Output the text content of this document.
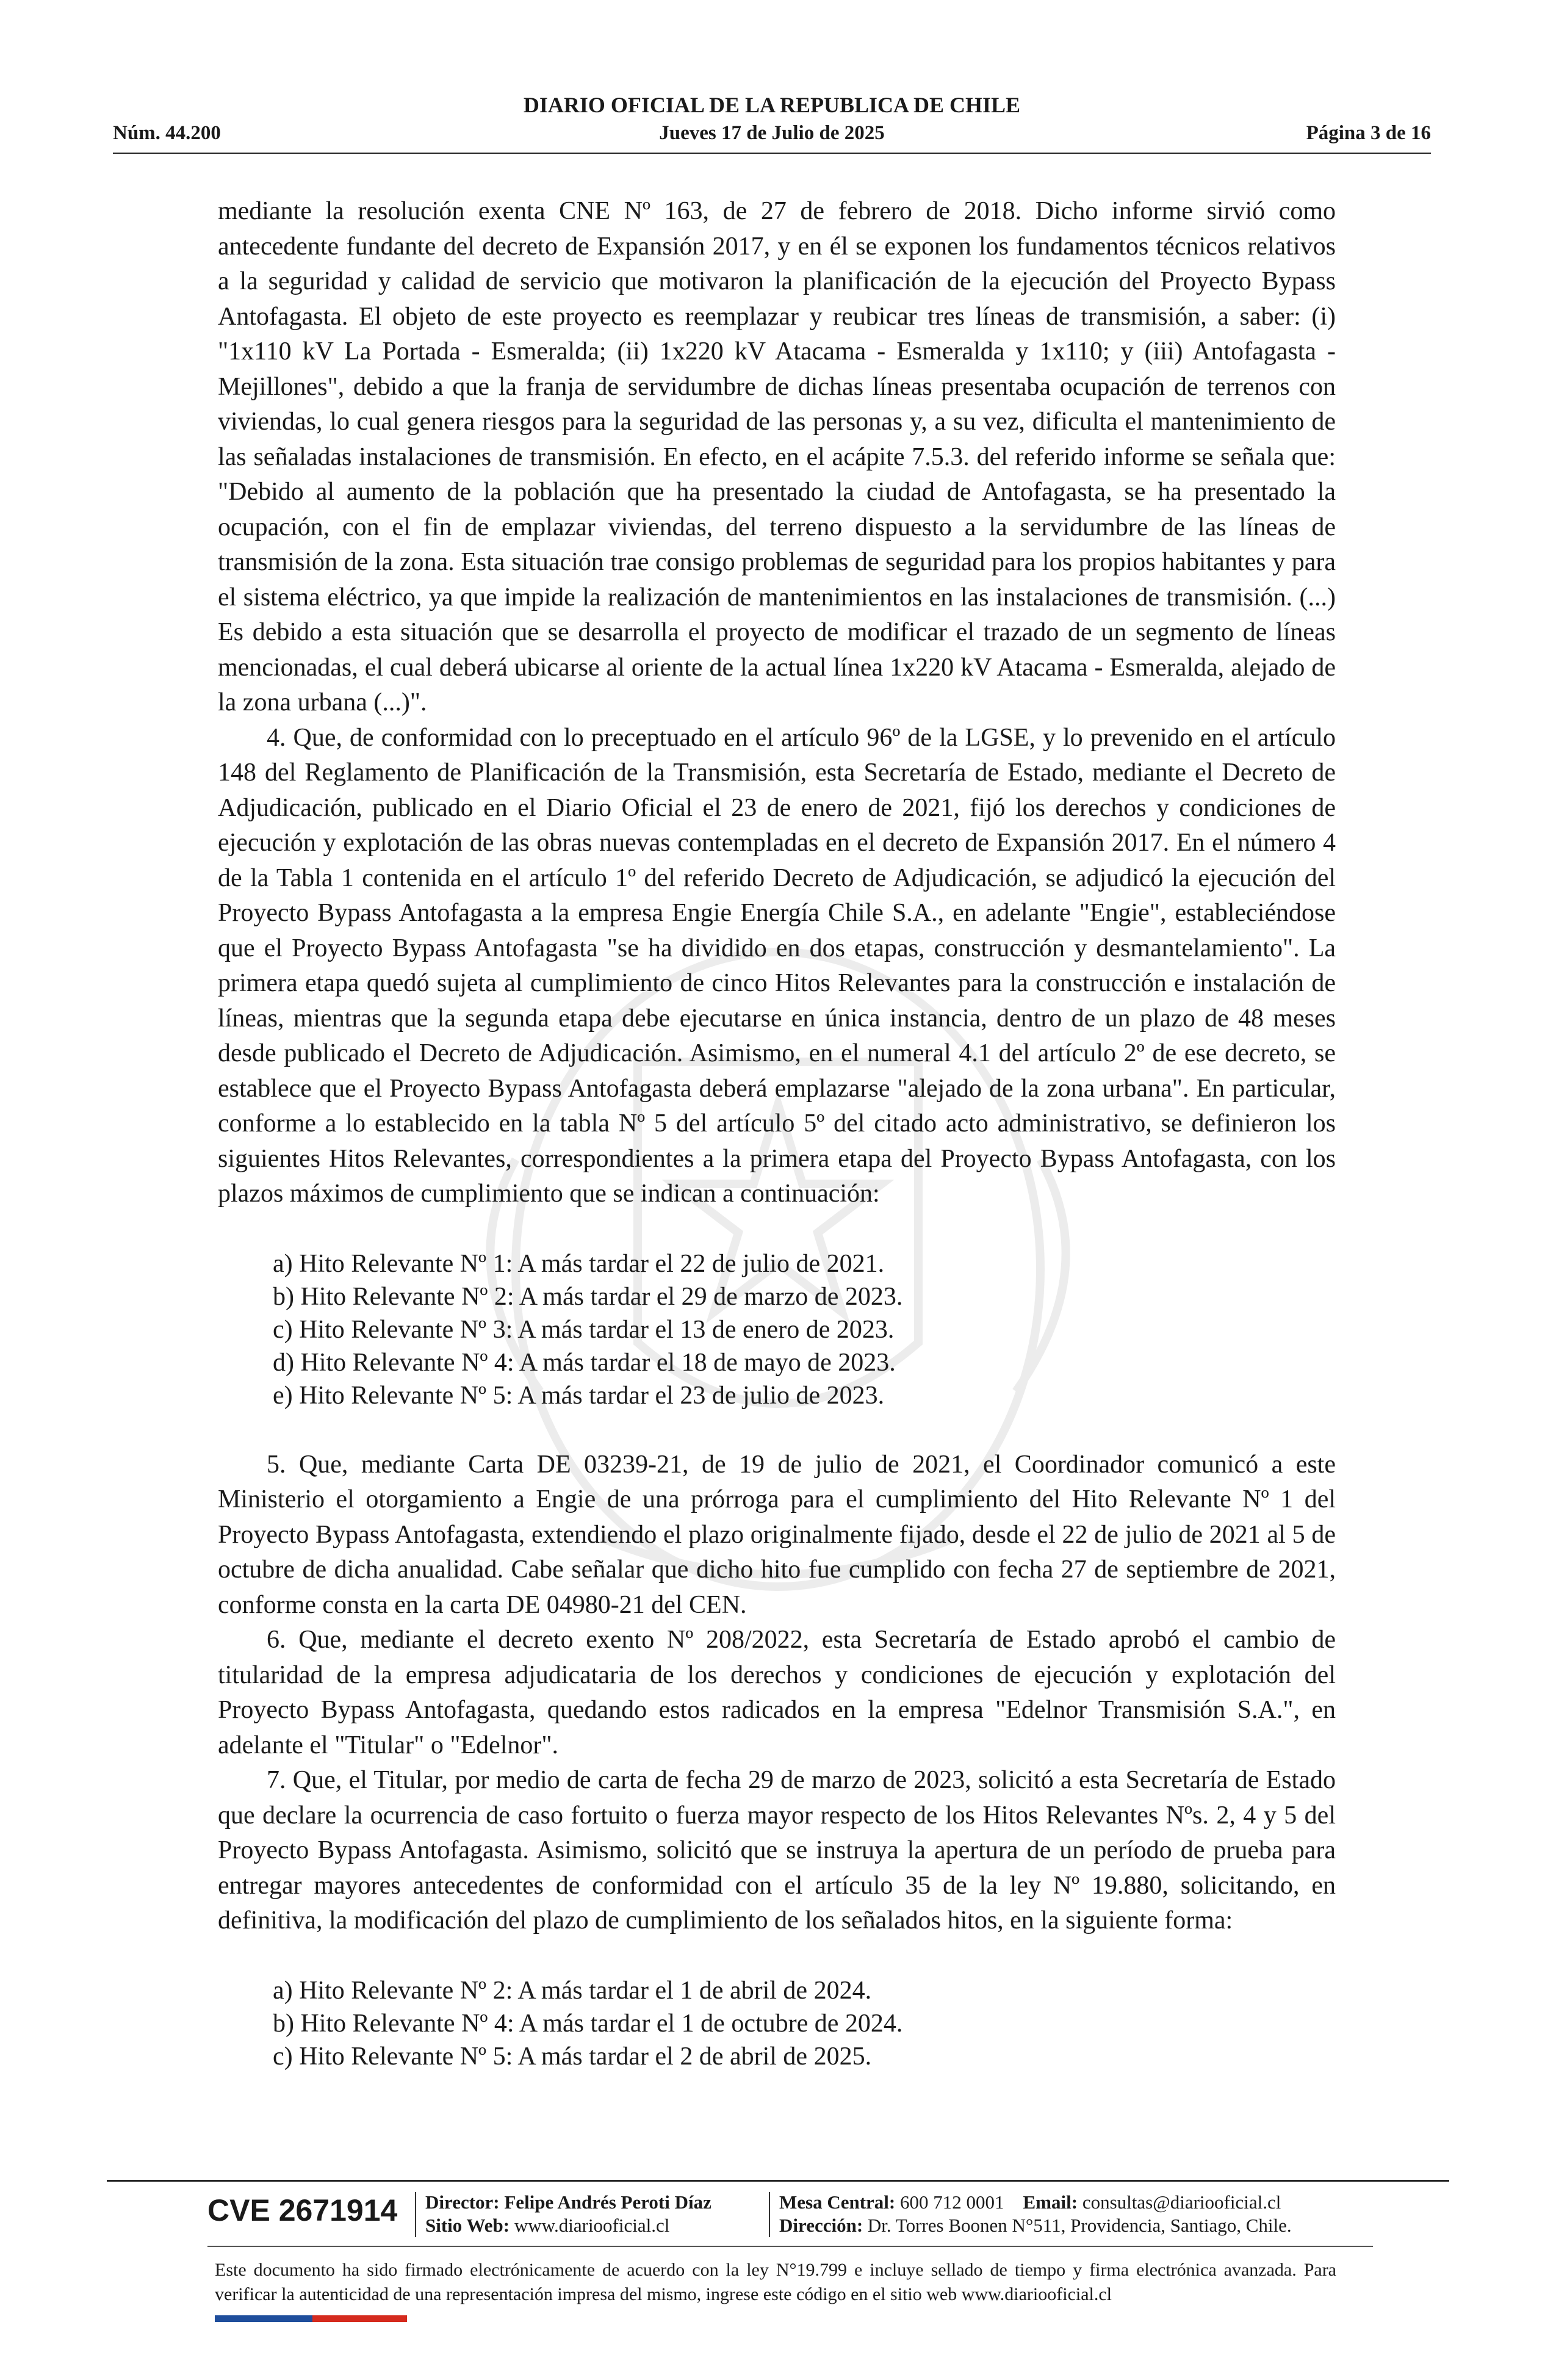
DIARIO OFICIAL DE LA REPUBLICA DE CHILE
Núm. 44.200	Jueves 17 de Julio de 2025	Página 3 de 16

mediante la resolución exenta CNE Nº 163, de 27 de febrero de 2018. Dicho informe sirvió como antecedente fundante del decreto de Expansión 2017, y en él se exponen los fundamentos técnicos relativos a la seguridad y calidad de servicio que motivaron la planificación de la ejecución del Proyecto Bypass Antofagasta. El objeto de este proyecto es reemplazar y reubicar tres líneas de transmisión, a saber: (i) "1x110 kV La Portada - Esmeralda; (ii) 1x220 kV Atacama - Esmeralda y 1x110; y (iii) Antofagasta - Mejillones", debido a que la franja de servidumbre de dichas líneas presentaba ocupación de terrenos con viviendas, lo cual genera riesgos para la seguridad de las personas y, a su vez, dificulta el mantenimiento de las señaladas instalaciones de transmisión. En efecto, en el acápite 7.5.3. del referido informe se señala que: "Debido al aumento de la población que ha presentado la ciudad de Antofagasta, se ha presentado la ocupación, con el fin de emplazar viviendas, del terreno dispuesto a la servidumbre de las líneas de transmisión de la zona. Esta situación trae consigo problemas de seguridad para los propios habitantes y para el sistema eléctrico, ya que impide la realización de mantenimientos en las instalaciones de transmisión. (...) Es debido a esta situación que se desarrolla el proyecto de modificar el trazado de un segmento de líneas mencionadas, el cual deberá ubicarse al oriente de la actual línea 1x220 kV Atacama - Esmeralda, alejado de la zona urbana (...)".

4. Que, de conformidad con lo preceptuado en el artículo 96º de la LGSE, y lo prevenido en el artículo 148 del Reglamento de Planificación de la Transmisión, esta Secretaría de Estado, mediante el Decreto de Adjudicación, publicado en el Diario Oficial el 23 de enero de 2021, fijó los derechos y condiciones de ejecución y explotación de las obras nuevas contempladas en el decreto de Expansión 2017. En el número 4 de la Tabla 1 contenida en el artículo 1º del referido Decreto de Adjudicación, se adjudicó la ejecución del Proyecto Bypass Antofagasta a la empresa Engie Energía Chile S.A., en adelante "Engie", estableciéndose que el Proyecto Bypass Antofagasta "se ha dividido en dos etapas, construcción y desmantelamiento". La primera etapa quedó sujeta al cumplimiento de cinco Hitos Relevantes para la construcción e instalación de líneas, mientras que la segunda etapa debe ejecutarse en única instancia, dentro de un plazo de 48 meses desde publicado el Decreto de Adjudicación. Asimismo, en el numeral 4.1 del artículo 2º de ese decreto, se establece que el Proyecto Bypass Antofagasta deberá emplazarse "alejado de la zona urbana". En particular, conforme a lo establecido en la tabla Nº 5 del artículo 5º del citado acto administrativo, se definieron los siguientes Hitos Relevantes, correspondientes a la primera etapa del Proyecto Bypass Antofagasta, con los plazos máximos de cumplimiento que se indican a continuación:

a) Hito Relevante Nº 1: A más tardar el 22 de julio de 2021.
b) Hito Relevante Nº 2: A más tardar el 29 de marzo de 2023.
c) Hito Relevante Nº 3: A más tardar el 13 de enero de 2023.
d) Hito Relevante Nº 4: A más tardar el 18 de mayo de 2023.
e) Hito Relevante Nº 5: A más tardar el 23 de julio de 2023.

5. Que, mediante Carta DE 03239-21, de 19 de julio de 2021, el Coordinador comunicó a este Ministerio el otorgamiento a Engie de una prórroga para el cumplimiento del Hito Relevante Nº 1 del Proyecto Bypass Antofagasta, extendiendo el plazo originalmente fijado, desde el 22 de julio de 2021 al 5 de octubre de dicha anualidad. Cabe señalar que dicho hito fue cumplido con fecha 27 de septiembre de 2021, conforme consta en la carta DE 04980-21 del CEN.

6. Que, mediante el decreto exento Nº 208/2022, esta Secretaría de Estado aprobó el cambio de titularidad de la empresa adjudicataria de los derechos y condiciones de ejecución y explotación del Proyecto Bypass Antofagasta, quedando estos radicados en la empresa "Edelnor Transmisión S.A.", en adelante el "Titular" o "Edelnor".

7. Que, el Titular, por medio de carta de fecha 29 de marzo de 2023, solicitó a esta Secretaría de Estado que declare la ocurrencia de caso fortuito o fuerza mayor respecto de los Hitos Relevantes Nºs. 2, 4 y 5 del Proyecto Bypass Antofagasta. Asimismo, solicitó que se instruya la apertura de un período de prueba para entregar mayores antecedentes de conformidad con el artículo 35 de la ley Nº 19.880, solicitando, en definitiva, la modificación del plazo de cumplimiento de los señalados hitos, en la siguiente forma:

a) Hito Relevante Nº 2: A más tardar el 1 de abril de 2024.
b) Hito Relevante Nº 4: A más tardar el 1 de octubre de 2024.
c) Hito Relevante Nº 5: A más tardar el 2 de abril de 2025.
CVE 2671914 Director: Felipe Andrés Peroti Díaz
Sitio Web: www.diariooficial.cl
Mesa Central: 600 712 0001 Email: consultas@diariooficial.cl
Dirección: Dr. Torres Boonen N°511, Providencia, Santiago, Chile.
Este documento ha sido firmado electrónicamente de acuerdo con la ley N°19.799 e incluye sellado de tiempo y firma electrónica avanzada. Para verificar la autenticidad de una representación impresa del mismo, ingrese este código en el sitio web www.diariooficial.cl
